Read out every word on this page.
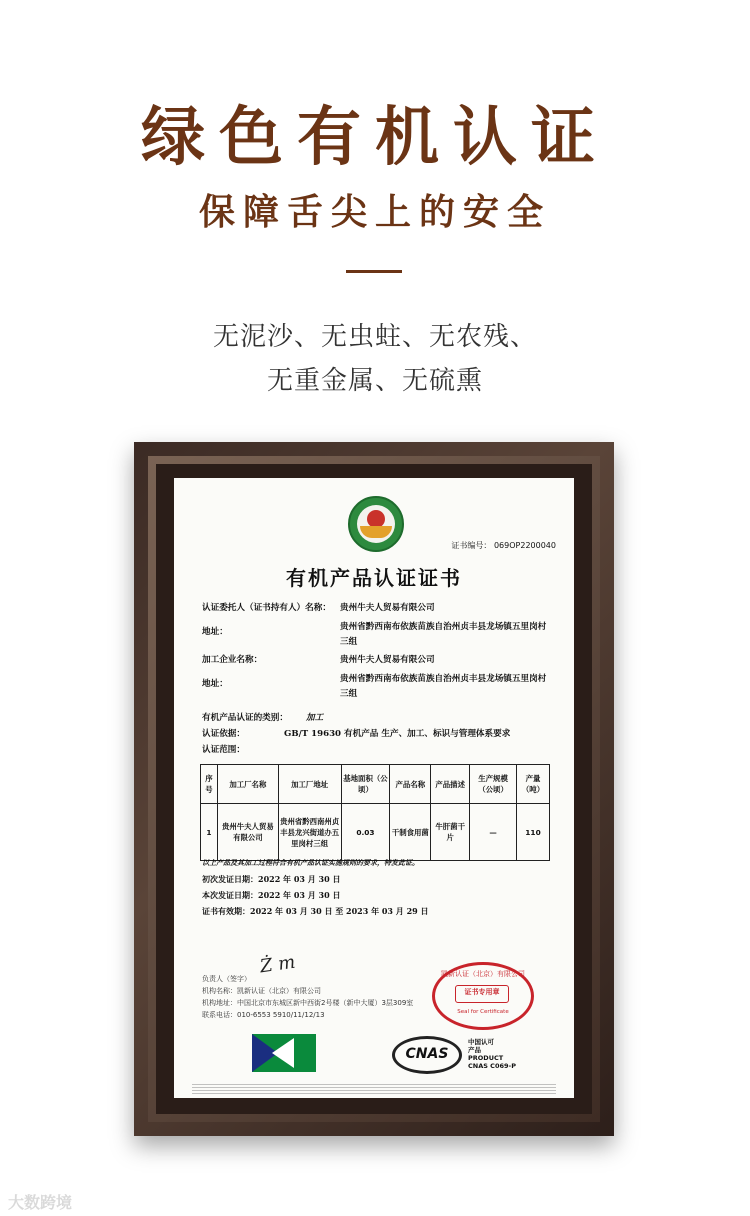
绿色有机认证
保障舌尖上的安全
无泥沙、无虫蛀、无农残、
无重金属、无硫熏
证书编号： 069OP2200040
有机产品认证证书
认证委托人（证书持有人）名称： 贵州牛夫人贸易有限公司
地址：	贵州省黔西南布依族苗族自治州贞丰县龙场镇五里岗村三组
加工企业名称：	贵州牛夫人贸易有限公司
地址：	贵州省黔西南布依族苗族自治州贞丰县龙场镇五里岗村三组
有机产品认证的类别： 加工
认证依据：	GB/T 19630 有机产品 生产、加工、标识与管理体系要求
认证范围：
序号	加工厂名称	加工厂地址	基地面积（公顷）	产品名称	产品描述	生产规模（公顷）	产量（吨）
1	贵州牛夫人贸易有限公司	贵州省黔西南州贞丰县龙兴街道办五里岗村三组	0.03	干制食用菌	牛肝菌干片	—	110
以上产品及其加工过程符合有机产品认证实施规则的要求，特发此证。
初次发证日期：2022 年 03 月 30 日
本次发证日期：2022 年 03 月 30 日
证书有效期：2022 年 03 月 30 日 至 2023 年 03 月 29 日
Ż m
负责人（签字）
机构名称：凯新认证（北京）有限公司
机构地址：中国北京市东城区新中西街2号楼（新中大厦）3层309室
联系电话：010-6553 5910/11/12/13
凯新认证（北京）有限公司
证书专用章
Seal for Certificate
CNAS
中国认可
产品
PRODUCT
CNAS C069-P
大数跨境
